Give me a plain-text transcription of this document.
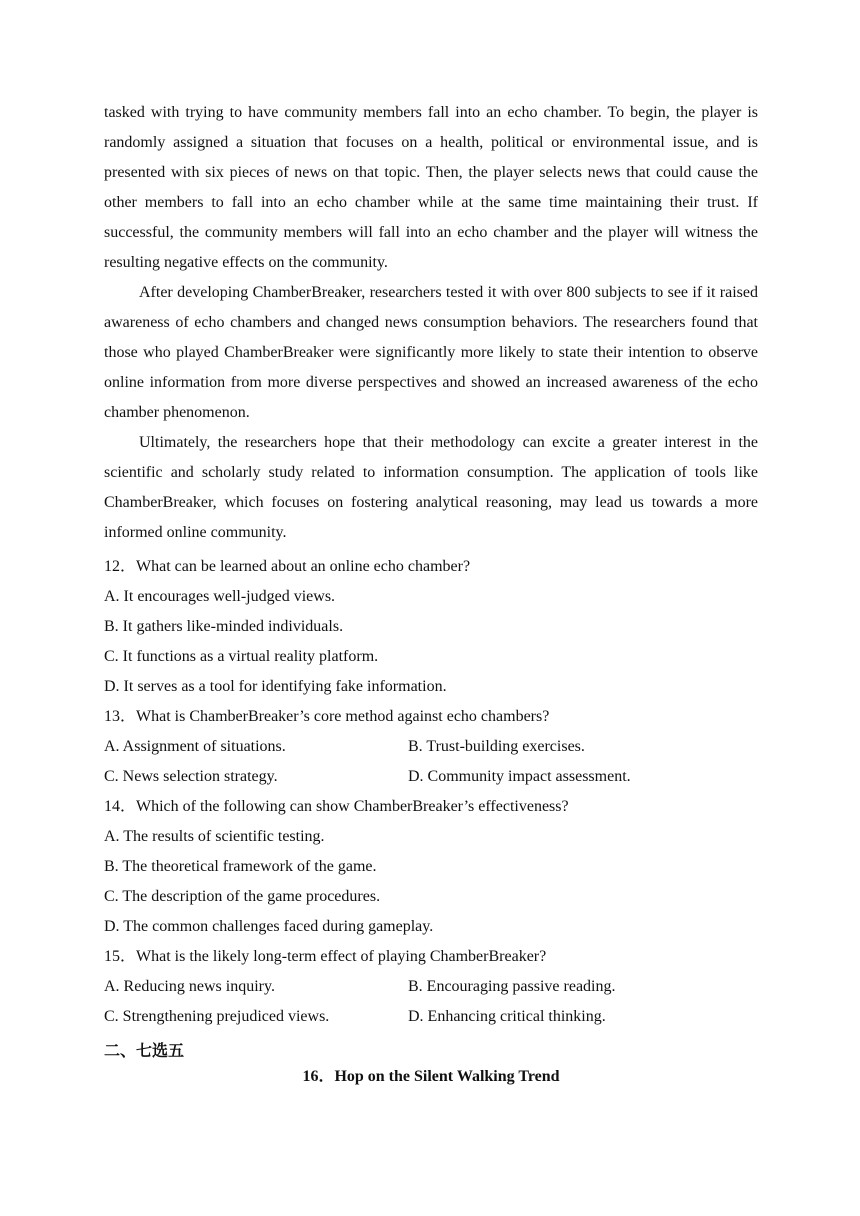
tasked with trying to have community members fall into an echo chamber. To begin, the player is randomly assigned a situation that focuses on a health, political or environmental issue, and is presented with six pieces of news on that topic. Then, the player selects news that could cause the other members to fall into an echo chamber while at the same time maintaining their trust. If successful, the community members will fall into an echo chamber and the player will witness the resulting negative effects on the community.

After developing ChamberBreaker, researchers tested it with over 800 subjects to see if it raised awareness of echo chambers and changed news consumption behaviors. The researchers found that those who played ChamberBreaker were significantly more likely to state their intention to observe online information from more diverse perspectives and showed an increased awareness of the echo chamber phenomenon.

Ultimately, the researchers hope that their methodology can excite a greater interest in the scientific and scholarly study related to information consumption. The application of tools like ChamberBreaker, which focuses on fostering analytical reasoning, may lead us towards a more informed online community.

12．What can be learned about an online echo chamber?

A. It encourages well-judged views.

B. It gathers like-minded individuals.

C. It functions as a virtual reality platform.

D. It serves as a tool for identifying fake information.

13．What is ChamberBreaker’s core method against echo chambers?

A. Assignment of situations.	B. Trust-building exercises.
C. News selection strategy.	D. Community impact assessment.

14．Which of the following can show ChamberBreaker’s effectiveness?

A. The results of scientific testing.

B. The theoretical framework of the game.

C. The description of the game procedures.

D. The common challenges faced during gameplay.

15．What is the likely long-term effect of playing ChamberBreaker?

A. Reducing news inquiry.	B. Encouraging passive reading.
C. Strengthening prejudiced views.	D. Enhancing critical thinking.

二、七选五

16．Hop on the Silent Walking Trend
